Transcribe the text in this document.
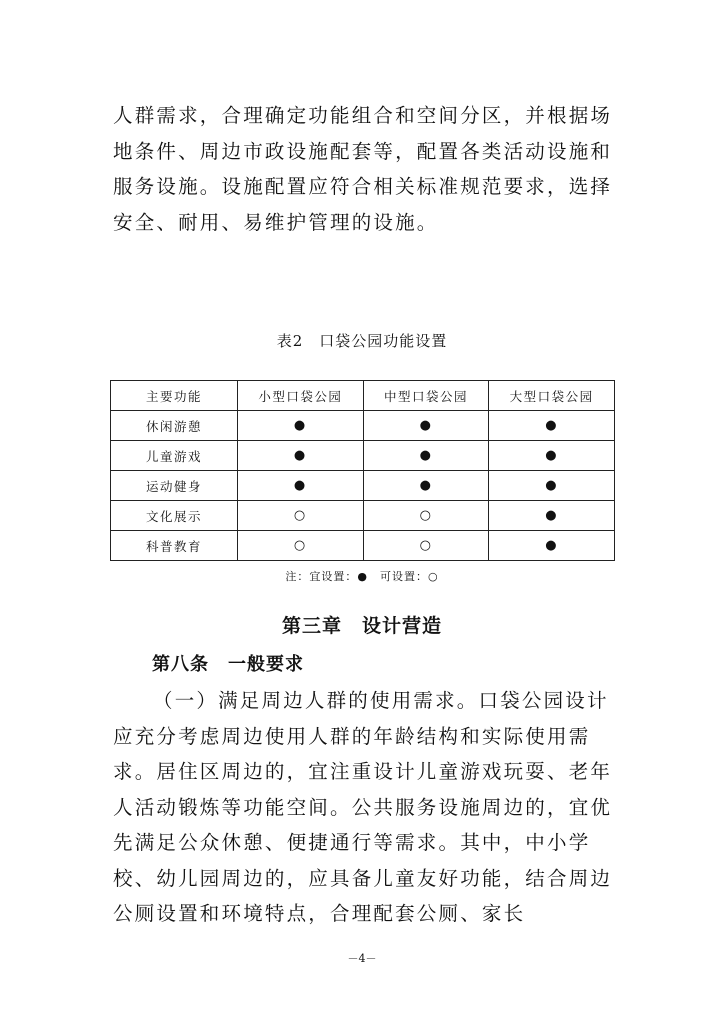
人群需求，合理确定功能组合和空间分区，并根据场地条件、周边市政设施配套等，配置各类活动设施和服务设施。设施配置应符合相关标准规范要求，选择安全、耐用、易维护管理的设施。

表2　口袋公园功能设置
主要功能	小型口袋公园	中型口袋公园	大型口袋公园
休闲游憩	●	●	●
儿童游戏	●	●	●
运动健身	●	●	●
文化展示	○	○	●
科普教育	○	○	●
注：宜设置：●　可设置：○
第三章　设计营造
第八条　一般要求

（一）满足周边人群的使用需求。口袋公园设计应充分考虑周边使用人群的年龄结构和实际使用需求。居住区周边的，宜注重设计儿童游戏玩耍、老年人活动锻炼等功能空间。公共服务设施周边的，宜优先满足公众休憩、便捷通行等需求。其中，中小学校、幼儿园周边的，应具备儿童友好功能，结合周边公厕设置和环境特点，合理配套公厕、家长

－4－
